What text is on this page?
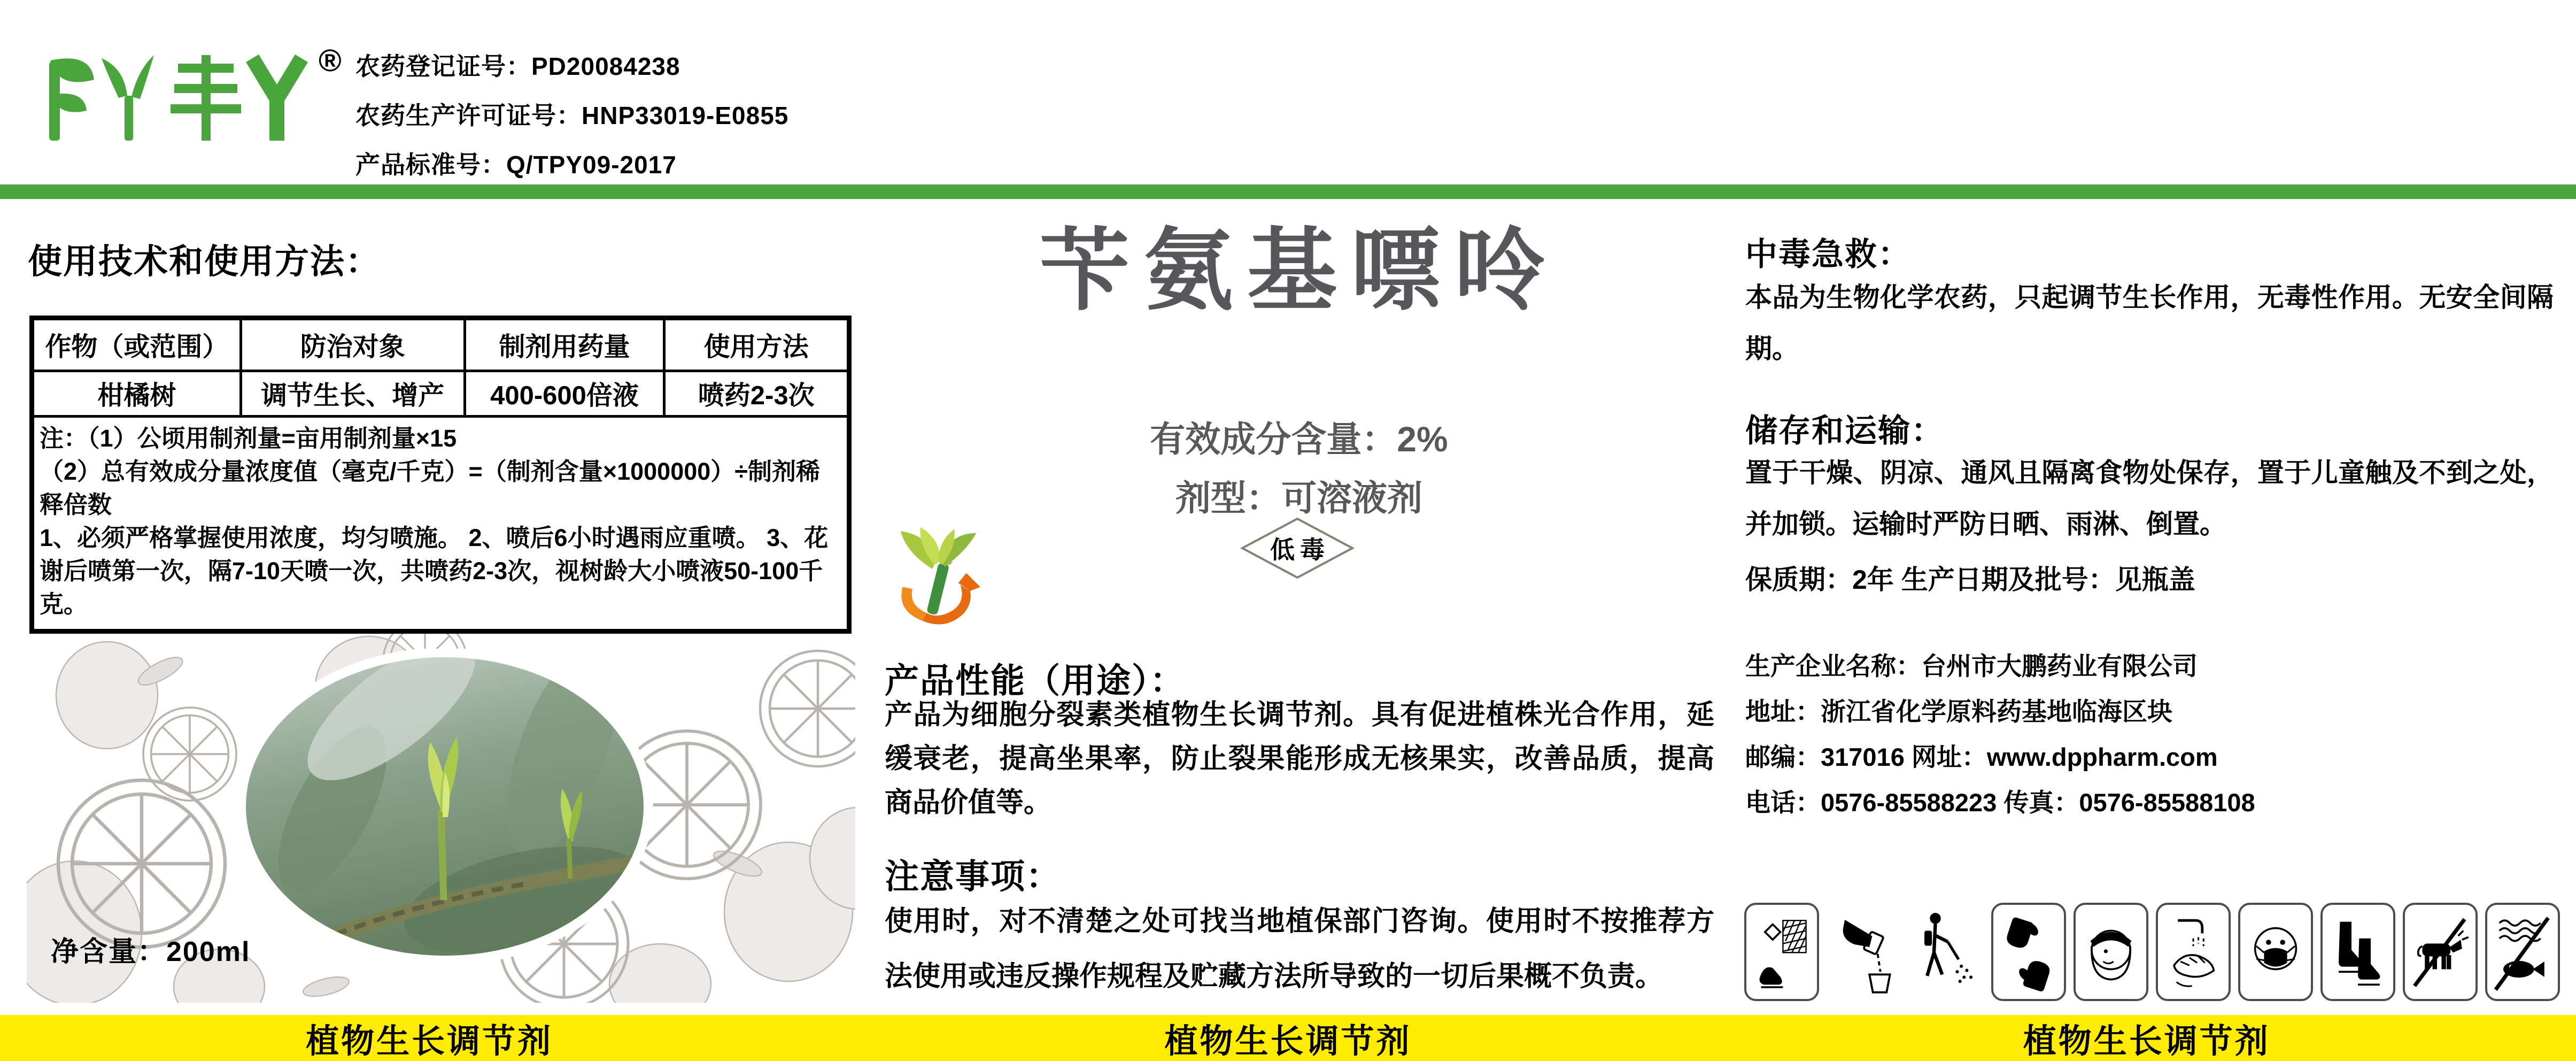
® 农药登记证号：PD20084238
农药生产许可证号：HNP33019-E0855
产品标准号：Q/TPY09-2017
使用技术和使用方法：
作物（或范围）	防治对象	制剂用药量	使用方法
柑橘树	调节生长、增产	400-600倍液	喷药2-3次

注：（1）公顷用制剂量=亩用制剂量×15
（2）总有效成分量浓度值（毫克/千克）=（制剂含量×1000000）÷制剂稀释倍数
1、必须严格掌握使用浓度，均匀喷施。 2、喷后6小时遇雨应重喷。 3、花谢后喷第一次，隔7-10天喷一次，共喷药2-3次，视树龄大小喷液50-100千克。			
净含量：200ml
苄氨基嘌呤
有效成分含量：2%
剂型：可溶液剂
低毒
产品性能（用途）：

产品为细胞分裂素类植物生长调节剂。具有促进植株光合作用，延缓衰老，提高坐果率，防止裂果能形成无核果实，改善品质，提高商品价值等。

注意事项：

使用时，对不清楚之处可找当地植保部门咨询。使用时不按推荐方法使用或违反操作规程及贮藏方法所导致的一切后果概不负责。

中毒急救：

本品为生物化学农药，只起调节生长作用，无毒性作用。无安全间隔期。

储存和运输：

置于干燥、阴凉、通风且隔离食物处保存，置于儿童触及不到之处，并加锁。运输时严防日晒、雨淋、倒置。

保质期：2年 生产日期及批号：见瓶盖
生产企业名称：台州市大鹏药业有限公司
地址：浙江省化学原料药基地临海区块
邮编：317016 网址：www.dppharm.com
电话：0576-85588223 传真：0576-85588108
植物生长调节剂	植物生长调节剂	植物生长调节剂
